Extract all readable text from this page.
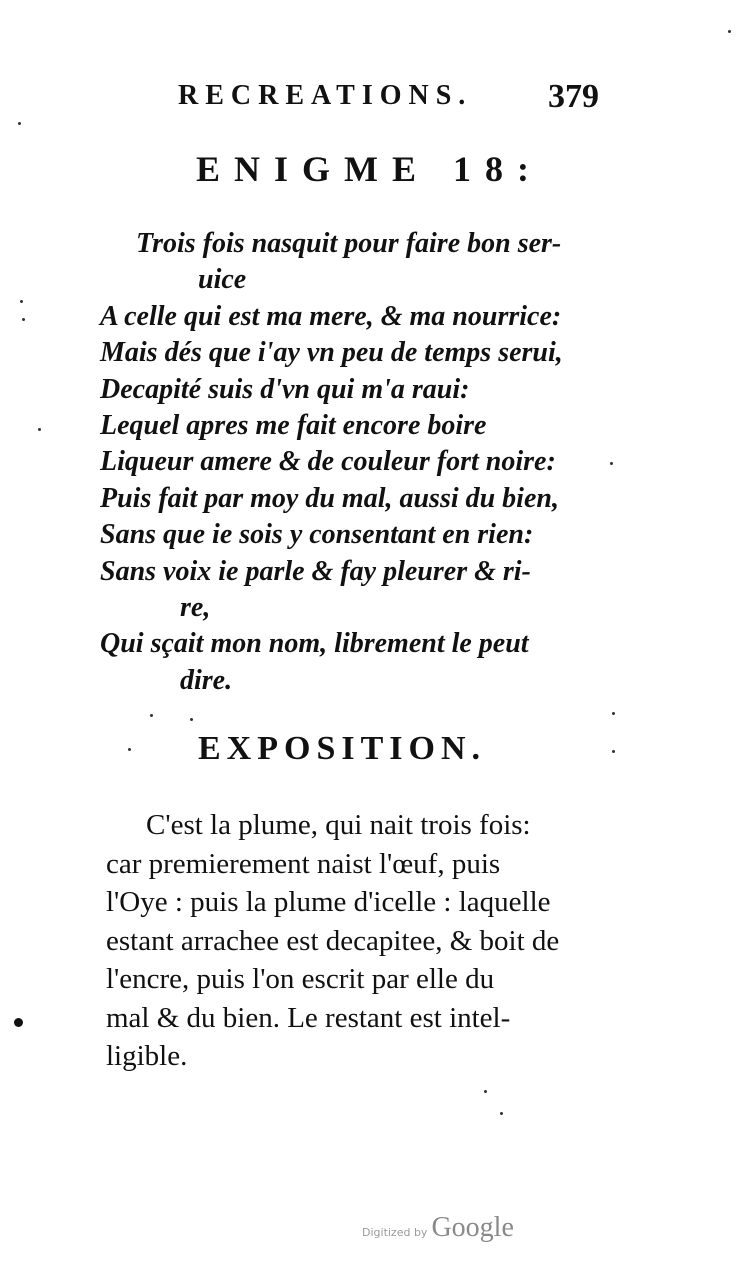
RECREATIONS.	379
ENIGME 18:
Trois fois nasquit pour faire bon ser-
uice
A celle qui est ma mere, & ma nourrice:
Mais dés que i'ay vn peu de temps serui,
Decapité suis d'vn qui m'a raui:
Lequel apres me fait encore boire
Liqueur amere & de couleur fort noire:
Puis fait par moy du mal, aussi du bien,
Sans que ie sois y consentant en rien:
Sans voix ie parle & fay pleurer & ri-
re,
Qui sçait mon nom, librement le peut
dire.
EXPOSITION.
C'est la plume, qui nait trois fois:
car premierement naist l'œuf, puis
l'Oye : puis la plume d'icelle : laquelle
estant arrachee est decapitee, & boit de
l'encre, puis l'on escrit par elle du
mal & du bien. Le restant est intel-
ligible.
Digitized by Google
